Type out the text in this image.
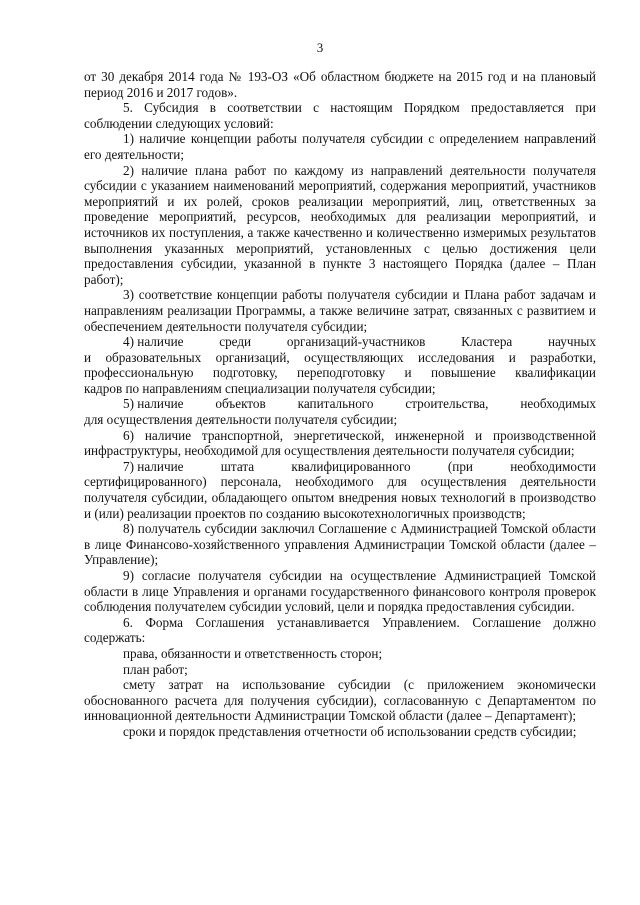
3

от 30 декабря 2014 года № 193-ОЗ «Об областном бюджете на 2015 год и на плановый период 2016 и 2017 годов».

5. Субсидия в соответствии с настоящим Порядком предоставляется при соблюдении следующих условий:

1) наличие концепции работы получателя субсидии с определением направлений его деятельности;

2) наличие плана работ по каждому из направлений деятельности получателя субсидии с указанием наименований мероприятий, содержания мероприятий, участников мероприятий и их ролей, сроков реализации мероприятий, лиц, ответственных за проведение мероприятий, ресурсов, необходимых для реализации мероприятий, и источников их поступления, а также качественно и количественно измеримых результатов выполнения указанных мероприятий, установленных с целью достижения цели предоставления субсидии, указанной в пункте 3 настоящего Порядка (далее – План работ);

3) соответствие концепции работы получателя субсидии и Плана работ задачам и направлениям реализации Программы, а также величине затрат, связанных с развитием и обеспечением деятельности получателя субсидии;

4) наличие	среди	организаций-участников	Кластера	научных

и образовательных организаций, осуществляющих исследования и разработки, профессиональную подготовку, переподготовку и повышение квалификации

кадров по направлениям специализации получателя субсидии;

5) наличие объектов капитального строительства, необходимых

для осуществления деятельности получателя субсидии;

6) наличие транспортной, энергетической, инженерной и производственной инфраструктуры, необходимой для осуществления деятельности получателя субсидии;

7) наличие	штата	квалифицированного	(при	необходимости

сертифицированного) персонала, необходимого для осуществления деятельности получателя субсидии, обладающего опытом внедрения новых технологий в производство и (или) реализации проектов по созданию высокотехнологичных производств;

8) получатель субсидии заключил Соглашение с Администрацией Томской области в лице Финансово-хозяйственного управления Администрации Томской области (далее – Управление);

9) согласие получателя субсидии на осуществление Администрацией Томской области в лице Управления и органами государственного финансового контроля проверок соблюдения получателем субсидии условий, цели и порядка предоставления субсидии.

6. Форма Соглашения устанавливается Управлением. Соглашение должно содержать:

права, обязанности и ответственность сторон;

план работ;

смету затрат на использование субсидии (с приложением экономически обоснованного расчета для получения субсидии), согласованную с Департаментом по инновационной деятельности Администрации Томской области (далее – Департамент);

сроки и порядок представления отчетности об использовании средств субсидии;
